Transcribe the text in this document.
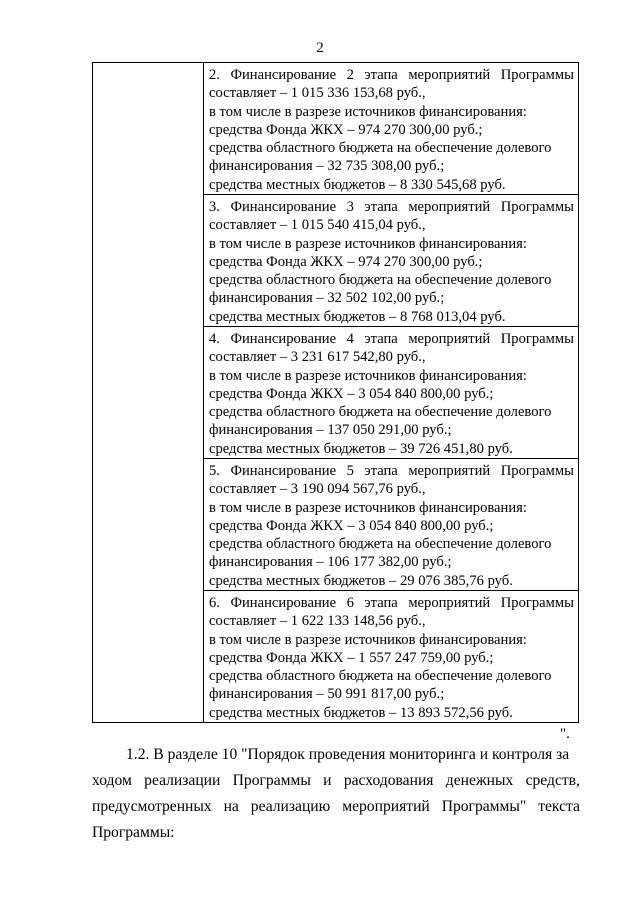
2
2. Финансирование 2 этапа мероприятий Программы
составляет – 1 015 336 153,68 руб.,
в том числе в разрезе источников финансирования:
средства Фонда ЖКХ – 974 270 300,00 руб.;
средства областного бюджета на обеспечение долевого
финансирования – 32 735 308,00 руб.;
средства местных бюджетов – 8 330 545,68 руб.
3. Финансирование 3 этапа мероприятий Программы
составляет – 1 015 540 415,04 руб.,
в том числе в разрезе источников финансирования:
средства Фонда ЖКХ – 974 270 300,00 руб.;
средства областного бюджета на обеспечение долевого
финансирования – 32 502 102,00 руб.;
средства местных бюджетов – 8 768 013,04 руб.
4. Финансирование 4 этапа мероприятий Программы
составляет – 3 231 617 542,80 руб.,
в том числе в разрезе источников финансирования:
средства Фонда ЖКХ – 3 054 840 800,00 руб.;
средства областного бюджета на обеспечение долевого
финансирования – 137 050 291,00 руб.;
средства местных бюджетов – 39 726 451,80 руб.
5. Финансирование 5 этапа мероприятий Программы
составляет – 3 190 094 567,76 руб.,
в том числе в разрезе источников финансирования:
средства Фонда ЖКХ – 3 054 840 800,00 руб.;
средства областного бюджета на обеспечение долевого
финансирования – 106 177 382,00 руб.;
средства местных бюджетов – 29 076 385,76 руб.
6. Финансирование 6 этапа мероприятий Программы
составляет – 1 622 133 148,56 руб.,
в том числе в разрезе источников финансирования:
средства Фонда ЖКХ – 1 557 247 759,00 руб.;
средства областного бюджета на обеспечение долевого
финансирования – 50 991 817,00 руб.;
средства местных бюджетов – 13 893 572,56 руб.
".
1.2. В разделе 10 "Порядок проведения мониторинга и контроля за
ходом реализации Программы и расходования денежных средств,
предусмотренных на реализацию мероприятий Программы" текста
Программы:
